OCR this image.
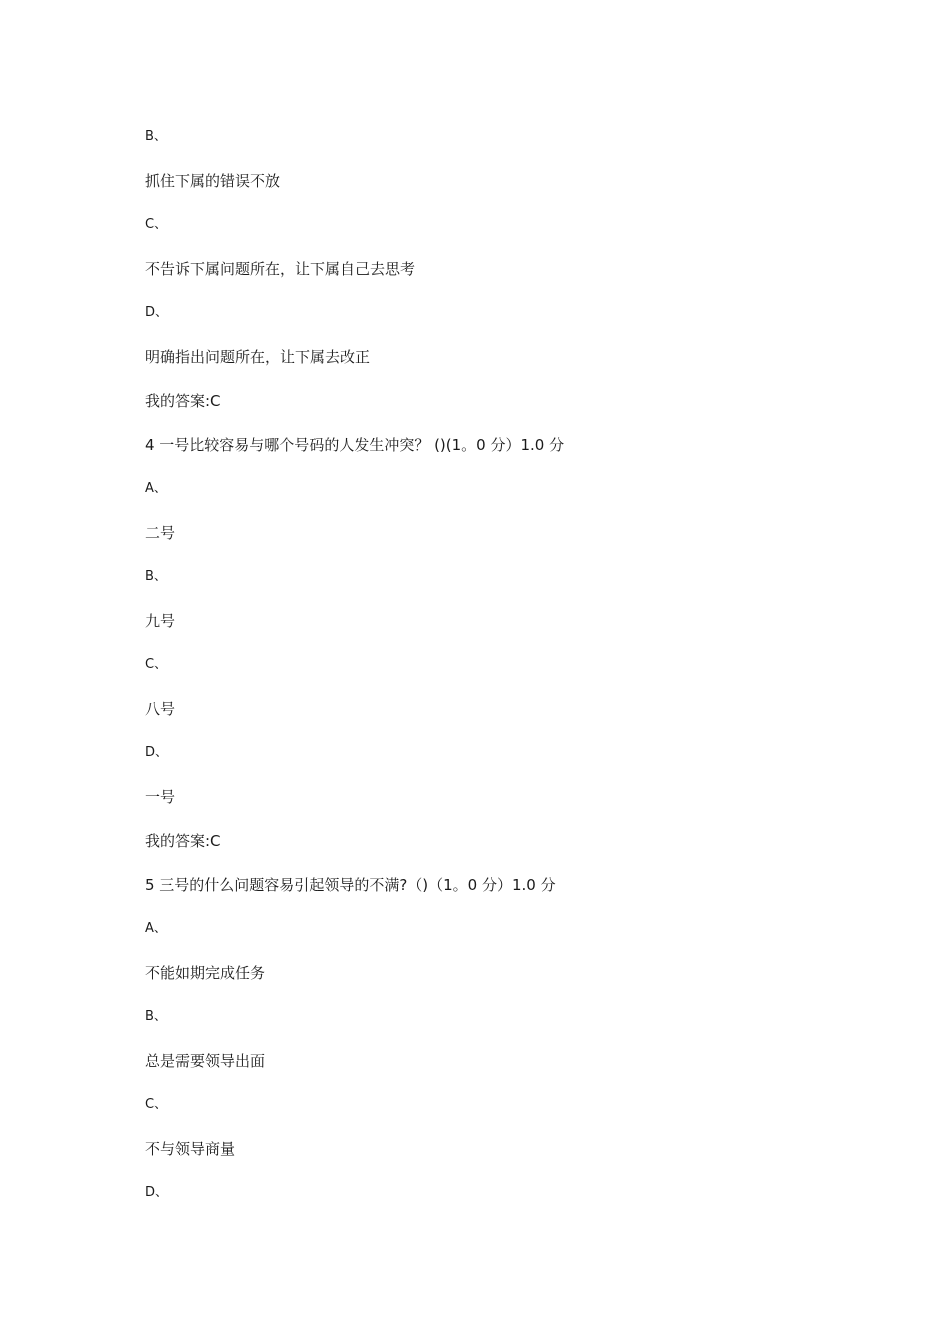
B、
抓住下属的错误不放
C、
不告诉下属问题所在，让下属自己去思考
D、
明确指出问题所在，让下属去改正
我的答案:C
4 一号比较容易与哪个号码的人发生冲突？ ()(1。0 分）1.0 分
A、
二号
B、
九号
C、
八号
D、
一号
我的答案:C
5 三号的什么问题容易引起领导的不满?（)（1。0 分）1.0 分
A、
不能如期完成任务
B、
总是需要领导出面
C、
不与领导商量
D、
